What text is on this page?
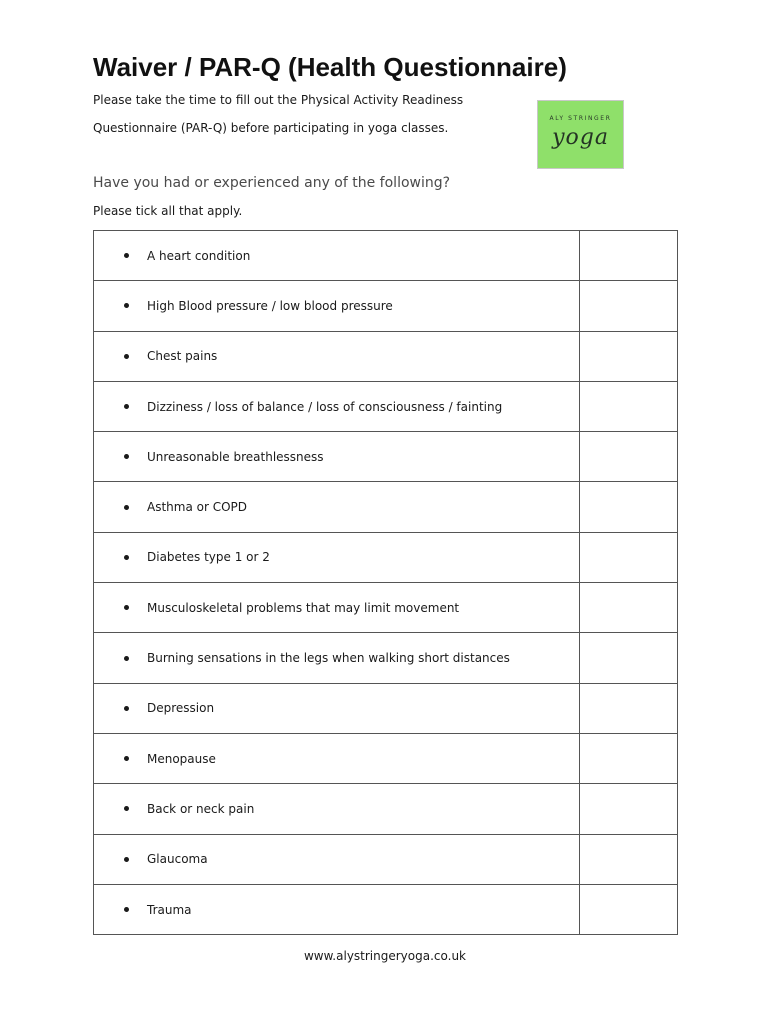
Waiver / PAR-Q (Health Questionnaire)

Please take the time to fill out the Physical Activity Readiness

Questionnaire (PAR-Q) before participating in yoga classes.

ALY STRINGER
yoga

Have you had or experienced any of the following?

Please tick all that apply.

A heart condition	

High Blood pressure / low blood pressure	

Chest pains	

Dizziness / loss of balance / loss of consciousness / fainting	

Unreasonable breathlessness	

Asthma or COPD	

Diabetes type 1 or 2	

Musculoskeletal problems that may limit movement	

Burning sensations in the legs when walking short distances	

Depression	

Menopause	

Back or neck pain	

Glaucoma	

Trauma	

www.alystringeryoga.co.uk
